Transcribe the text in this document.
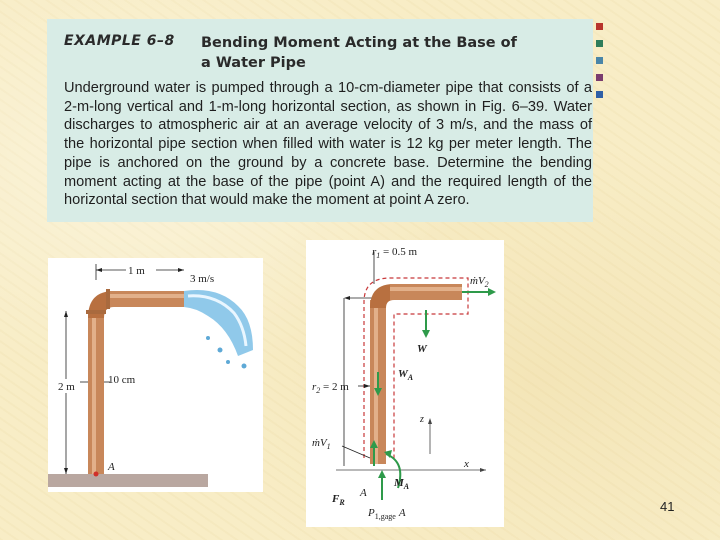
EXAMPLE 6–8 Bending Moment Acting at the Base of a Water Pipe
Underground water is pumped through a 10-cm-diameter pipe that consists of a 2-m-long vertical and 1-m-long horizontal section, as shown in Fig. 6–39. Water discharges to atmospheric air at an average velocity of 3 m/s, and the mass of the horizontal pipe section when filled with water is 12 kg per meter length. The pipe is anchored on the ground by a concrete base. Determine the bending moment acting at the base of the pipe (point A) and the required length of the horizontal section that would make the moment at point A zero.
1 m
3 m/s
2 m
10 cm
A
$r_1 = 0.5$ m
x
z
ṁV$_2$
W
$W_A$
$r_2 = 2$ m
ṁV$_1$
$M_A$
$F_R$
A
$P_{1,gage}$ A	41
